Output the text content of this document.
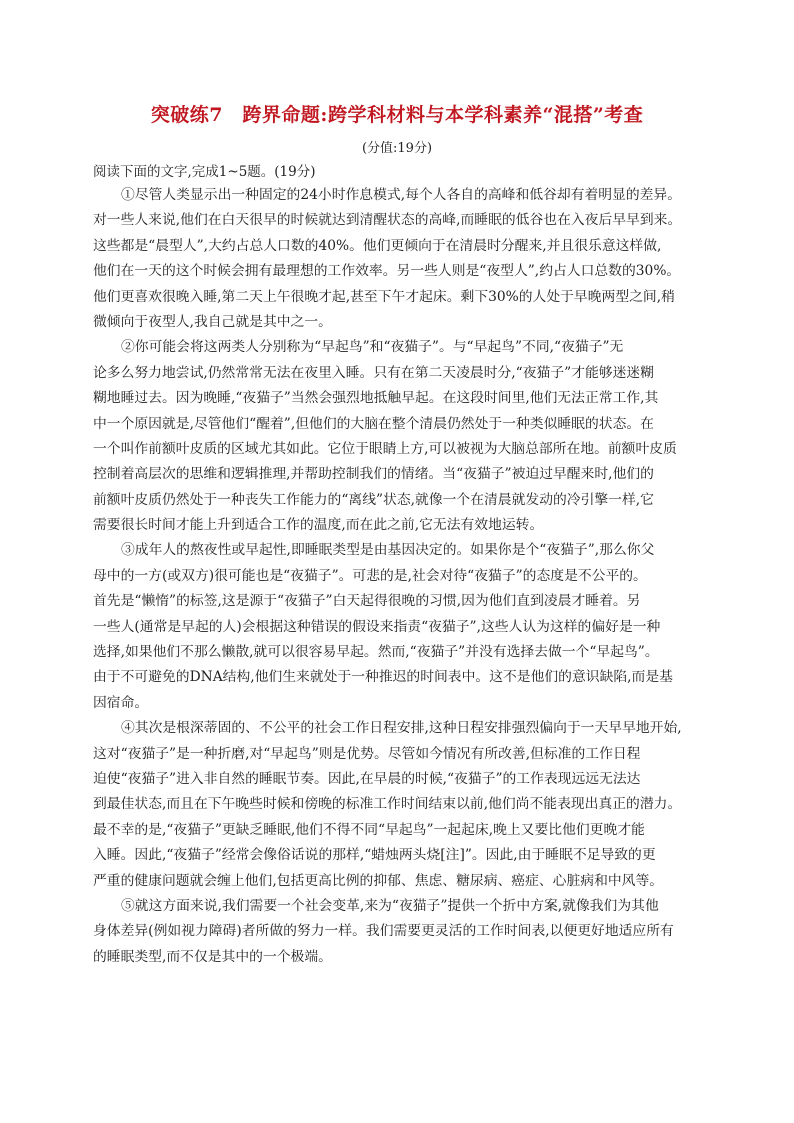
突破练7　跨界命题:跨学科材料与本学科素养“混搭”考查
(分值:19分)
阅读下面的文字,完成1~5题。(19分)
①尽管人类显示出一种固定的24小时作息模式,每个人各自的高峰和低谷却有着明显的差异。
对一些人来说,他们在白天很早的时候就达到清醒状态的高峰,而睡眠的低谷也在入夜后早早到来。
这些都是“晨型人”,大约占总人口数的40%。他们更倾向于在清晨时分醒来,并且很乐意这样做,
他们在一天的这个时候会拥有最理想的工作效率。另一些人则是“夜型人”,约占人口总数的30%。
他们更喜欢很晚入睡,第二天上午很晚才起,甚至下午才起床。剩下30%的人处于早晚两型之间,稍
微倾向于夜型人,我自己就是其中之一。
②你可能会将这两类人分别称为“早起鸟”和“夜猫子”。与“早起鸟”不同,“夜猫子”无
论多么努力地尝试,仍然常常无法在夜里入睡。只有在第二天凌晨时分,“夜猫子”才能够迷迷糊
糊地睡过去。因为晚睡,“夜猫子”当然会强烈地抵触早起。在这段时间里,他们无法正常工作,其
中一个原因就是,尽管他们“醒着”,但他们的大脑在整个清晨仍然处于一种类似睡眠的状态。在
一个叫作前额叶皮质的区域尤其如此。它位于眼睛上方,可以被视为大脑总部所在地。前额叶皮质
控制着高层次的思维和逻辑推理,并帮助控制我们的情绪。当“夜猫子”被迫过早醒来时,他们的
前额叶皮质仍然处于一种丧失工作能力的“离线”状态,就像一个在清晨就发动的冷引擎一样,它
需要很长时间才能上升到适合工作的温度,而在此之前,它无法有效地运转。
③成年人的熬夜性或早起性,即睡眠类型是由基因决定的。如果你是个“夜猫子”,那么你父
母中的一方(或双方)很可能也是“夜猫子”。可悲的是,社会对待“夜猫子”的态度是不公平的。
首先是“懒惰”的标签,这是源于“夜猫子”白天起得很晚的习惯,因为他们直到凌晨才睡着。另
一些人(通常是早起的人)会根据这种错误的假设来指责“夜猫子”,这些人认为这样的偏好是一种
选择,如果他们不那么懒散,就可以很容易早起。然而,“夜猫子”并没有选择去做一个“早起鸟”。
由于不可避免的DNA结构,他们生来就处于一种推迟的时间表中。这不是他们的意识缺陷,而是基
因宿命。
④其次是根深蒂固的、不公平的社会工作日程安排,这种日程安排强烈偏向于一天早早地开始,
这对“夜猫子”是一种折磨,对“早起鸟”则是优势。尽管如今情况有所改善,但标准的工作日程
迫使“夜猫子”进入非自然的睡眠节奏。因此,在早晨的时候,“夜猫子”的工作表现远远无法达
到最佳状态,而且在下午晚些时候和傍晚的标准工作时间结束以前,他们尚不能表现出真正的潜力。
最不幸的是,“夜猫子”更缺乏睡眠,他们不得不同“早起鸟”一起起床,晚上又要比他们更晚才能
入睡。因此,“夜猫子”经常会像俗话说的那样,“蜡烛两头烧[注]”。因此,由于睡眠不足导致的更
严重的健康问题就会缠上他们,包括更高比例的抑郁、焦虑、糖尿病、癌症、心脏病和中风等。
⑤就这方面来说,我们需要一个社会变革,来为“夜猫子”提供一个折中方案,就像我们为其他
身体差异(例如视力障碍)者所做的努力一样。我们需要更灵活的工作时间表,以便更好地适应所有
的睡眠类型,而不仅是其中的一个极端。
